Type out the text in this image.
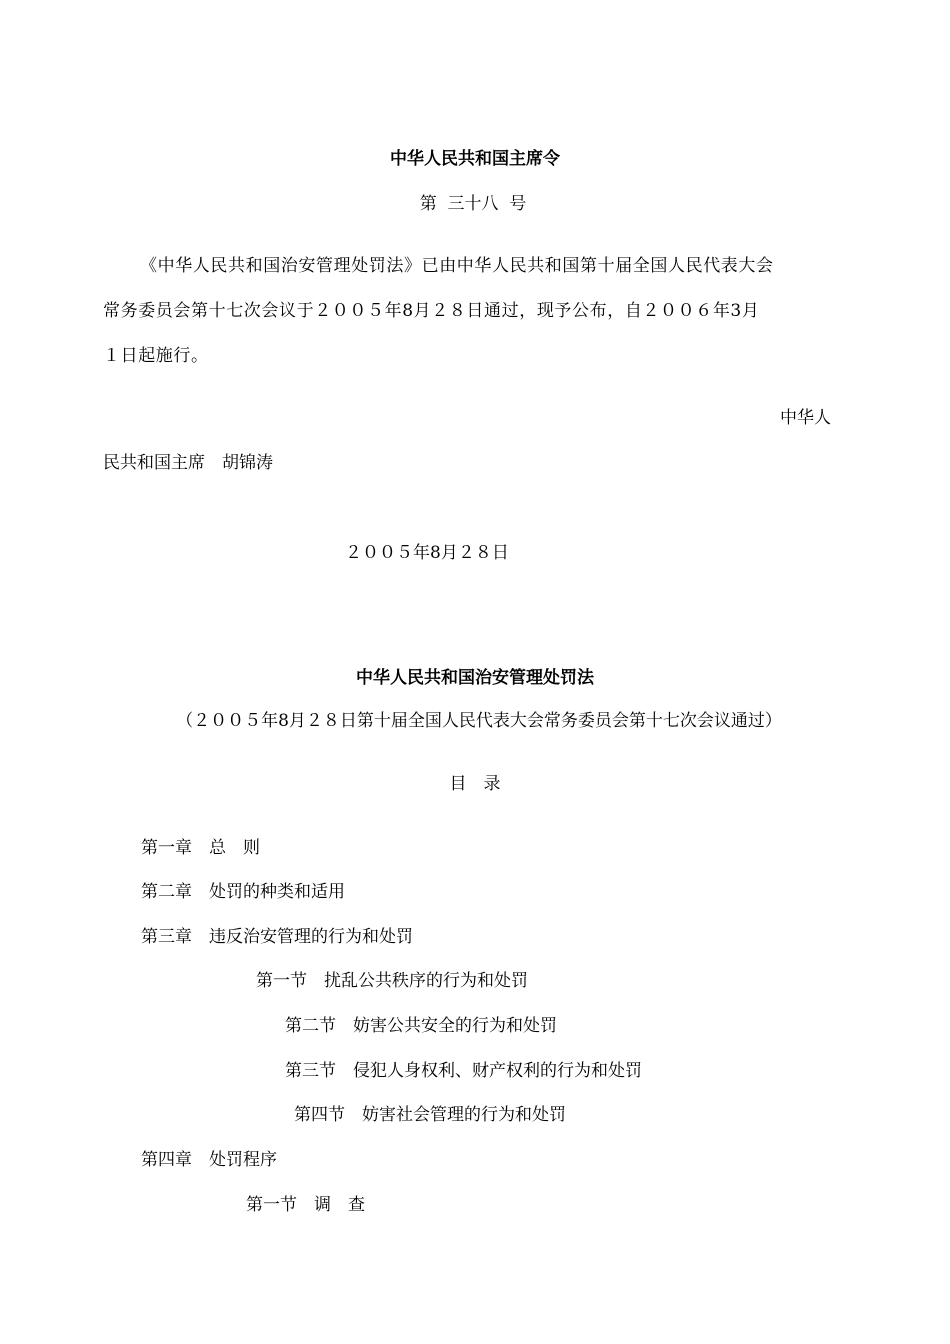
中华人民共和国主席令
第  三十八  号
《中华人民共和国治安管理处罚法》已由中华人民共和国第十届全国人民代表大会
常务委员会第十七次会议于２００５年8月２８日通过，现予公布，自２００６年3月
１日起施行。
中华人
民共和国主席　胡锦涛
２００５年8月２８日
中华人民共和国治安管理处罚法
（２００５年8月２８日第十届全国人民代表大会常务委员会第十七次会议通过）
目　录
第一章　总　则
第二章　处罚的种类和适用
第三章　违反治安管理的行为和处罚
第一节　扰乱公共秩序的行为和处罚
第二节　妨害公共安全的行为和处罚
第三节　侵犯人身权利、财产权利的行为和处罚
第四节　妨害社会管理的行为和处罚
第四章　处罚程序
第一节　调　查
